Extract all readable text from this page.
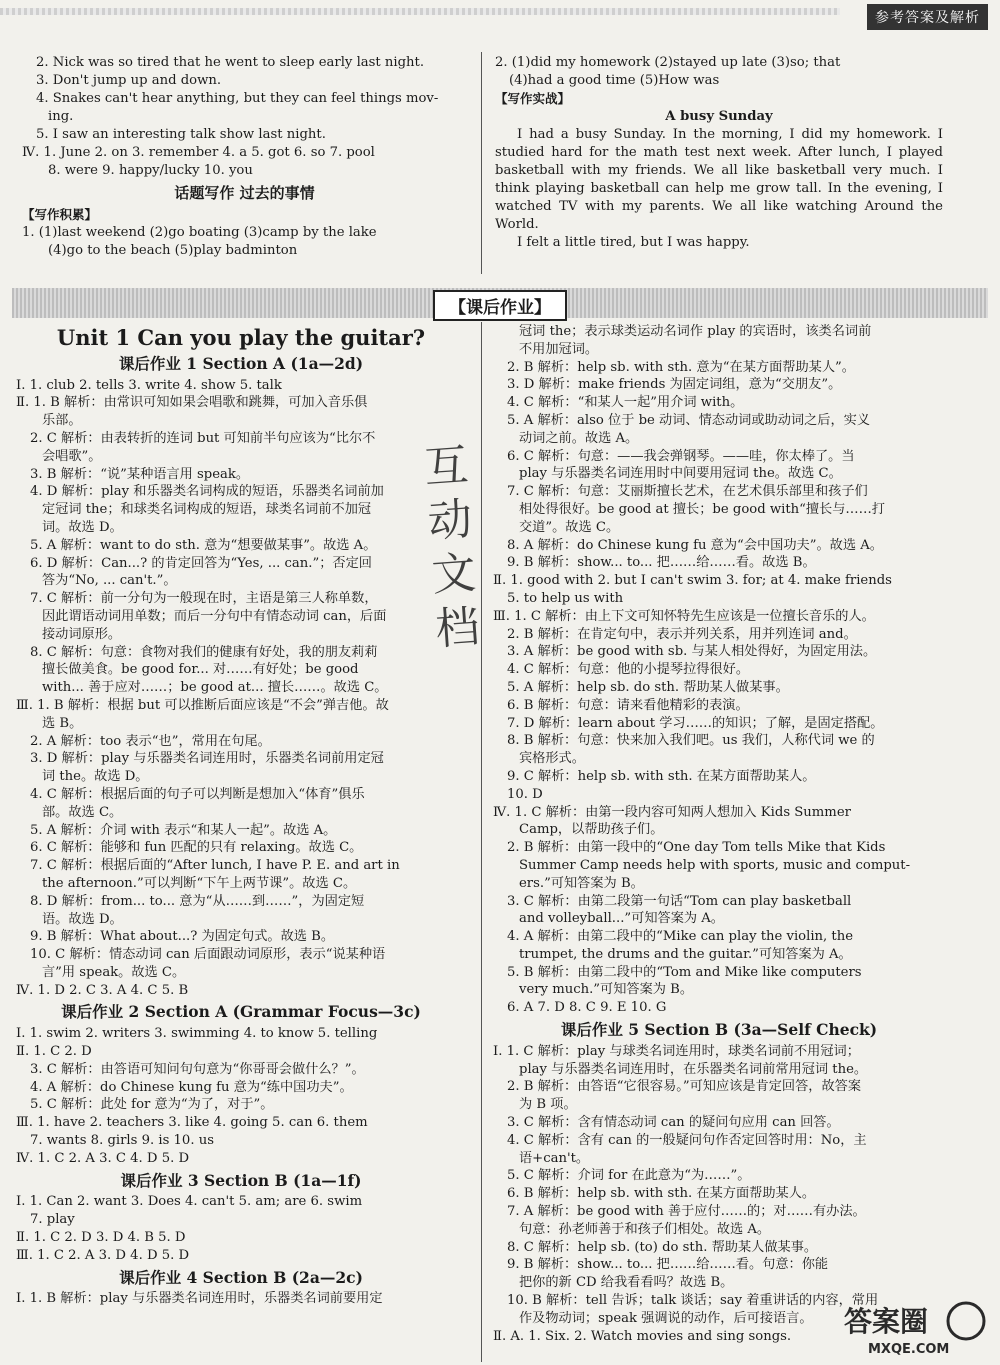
参考答案及解析
2. Nick was so tired that he went to sleep early last night.
3. Don't jump up and down.
4. Snakes can't hear anything, but they can feel things mov-
ing.
5. I saw an interesting talk show last night.
Ⅳ. 1. June 2. on 3. remember 4. a 5. got 6. so 7. pool
8. were 9. happy/lucky 10. you
话题写作 过去的事情
【写作积累】
1. (1)last weekend (2)go boating (3)camp by the lake
(4)go to the beach (5)play badminton
2. (1)did my homework (2)stayed up late (3)so; that
(4)had a good time (5)How was
【写作实战】
A busy Sunday
I had a busy Sunday. In the morning, I did my homework. I studied hard for the math test next week. After lunch, I played basketball with my friends. We all like basketball very much. I think playing basketball can help me grow tall. In the evening, I watched TV with my parents. We all like watching Around the World.
I felt a little tired, but I was happy.
【课后作业】
Unit 1 Can you play the guitar?
课后作业 1 Section A (1a—2d)
Ⅰ. 1. club 2. tells 3. write 4. show 5. talk
Ⅱ. 1. B 解析：由常识可知如果会唱歌和跳舞，可加入音乐俱
乐部。
2. C 解析：由表转折的连词 but 可知前半句应该为“比尔不
会唱歌”。
3. B 解析：“说”某种语言用 speak。
4. D 解析：play 和乐器类名词构成的短语，乐器类名词前加
定冠词 the；和球类名词构成的短语，球类名词前不加冠
词。故选 D。
5. A 解析：want to do sth. 意为“想要做某事”。故选 A。
6. D 解析：Can...? 的肯定回答为“Yes, ... can.”；否定回
答为“No, ... can't.”。
7. C 解析：前一分句为一般现在时，主语是第三人称单数，
因此谓语动词用单数；而后一分句中有情态动词 can，后面
接动词原形。
8. C 解析：句意：食物对我们的健康有好处，我的朋友莉莉
擅长做美食。be good for... 对……有好处；be good
with... 善于应对……；be good at... 擅长……。故选 C。
Ⅲ. 1. B 解析：根据 but 可以推断后面应该是“不会”弹吉他。故
选 B。
2. A 解析：too 表示“也”，常用在句尾。
3. D 解析：play 与乐器类名词连用时，乐器类名词前用定冠
词 the。故选 D。
4. C 解析：根据后面的句子可以判断是想加入“体育”俱乐
部。故选 C。
5. A 解析：介词 with 表示“和某人一起”。故选 A。
6. C 解析：能够和 fun 匹配的只有 relaxing。故选 C。
7. C 解析：根据后面的“After lunch, I have P. E. and art in
the afternoon.”可以判断“下午上两节课”。故选 C。
8. D 解析：from... to... 意为“从……到……”，为固定短
语。故选 D。
9. B 解析：What about...? 为固定句式。故选 B。
10. C 解析：情态动词 can 后面跟动词原形，表示“说某种语
言”用 speak。故选 C。
Ⅳ. 1. D 2. C 3. A 4. C 5. B
课后作业 2 Section A (Grammar Focus—3c)
Ⅰ. 1. swim 2. writers 3. swimming 4. to know 5. telling
Ⅱ. 1. C 2. D
3. C 解析：由答语可知问句句意为“你哥哥会做什么？”。
4. A 解析：do Chinese kung fu 意为“练中国功夫”。
5. C 解析：此处 for 意为“为了，对于”。
Ⅲ. 1. have 2. teachers 3. like 4. going 5. can 6. them
7. wants 8. girls 9. is 10. us
Ⅳ. 1. C 2. A 3. C 4. D 5. D
课后作业 3 Section B (1a—1f)
Ⅰ. 1. Can 2. want 3. Does 4. can't 5. am; are 6. swim
7. play
Ⅱ. 1. C 2. D 3. D 4. B 5. D
Ⅲ. 1. C 2. A 3. D 4. D 5. D
课后作业 4 Section B (2a—2c)
Ⅰ. 1. B 解析：play 与乐器类名词连用时，乐器类名词前要用定
冠词 the；表示球类运动名词作 play 的宾语时，该类名词前
不用加冠词。
2. B 解析：help sb. with sth. 意为“在某方面帮助某人”。
3. D 解析：make friends 为固定词组，意为“交朋友”。
4. C 解析：“和某人一起”用介词 with。
5. A 解析：also 位于 be 动词、情态动词或助动词之后，实义
动词之前。故选 A。
6. C 解析：句意：——我会弹钢琴。——哇，你太棒了。当
play 与乐器类名词连用时中间要用冠词 the。故选 C。
7. C 解析：句意：艾丽斯擅长艺术，在艺术俱乐部里和孩子们
相处得很好。be good at 擅长；be good with“擅长与……打
交道”。故选 C。
8. A 解析：do Chinese kung fu 意为“会中国功夫”。故选 A。
9. B 解析：show... to... 把……给……看。故选 B。
Ⅱ. 1. good with 2. but I can't swim 3. for; at 4. make friends
5. to help us with
Ⅲ. 1. C 解析：由上下文可知怀特先生应该是一位擅长音乐的人。
2. B 解析：在肯定句中，表示并列关系，用并列连词 and。
3. A 解析：be good with sb. 与某人相处得好，为固定用法。
4. C 解析：句意：他的小提琴拉得很好。
5. A 解析：help sb. do sth. 帮助某人做某事。
6. B 解析：句意：请来看他精彩的表演。
7. D 解析：learn about 学习……的知识；了解，是固定搭配。
8. B 解析：句意：快来加入我们吧。us 我们，人称代词 we 的
宾格形式。
9. C 解析：help sb. with sth. 在某方面帮助某人。
10. D
Ⅳ. 1. C 解析：由第一段内容可知两人想加入 Kids Summer
Camp，以帮助孩子们。
2. B 解析：由第一段中的“One day Tom tells Mike that Kids
Summer Camp needs help with sports, music and comput-
ers.”可知答案为 B。
3. C 解析：由第二段第一句话“Tom can play basketball
and volleyball...”可知答案为 A。
4. A 解析：由第二段中的“Mike can play the violin, the
trumpet, the drums and the guitar.”可知答案为 A。
5. B 解析：由第二段中的“Tom and Mike like computers
very much.”可知答案为 B。
6. A 7. D 8. C 9. E 10. G
课后作业 5 Section B (3a—Self Check)
Ⅰ. 1. C 解析：play 与球类名词连用时，球类名词前不用冠词；
play 与乐器类名词连用时，在乐器类名词前常用冠词 the。
2. B 解析：由答语“它很容易。”可知应该是肯定回答，故答案
为 B 项。
3. C 解析：含有情态动词 can 的疑问句应用 can 回答。
4. C 解析：含有 can 的一般疑问句作否定回答时用：No，主
语+can't。
5. C 解析：介词 for 在此意为“为……”。
6. B 解析：help sb. with sth. 在某方面帮助某人。
7. A 解析：be good with 善于应付……的；对……有办法。
句意：孙老师善于和孩子们相处。故选 A。
8. C 解析：help sb. (to) do sth. 帮助某人做某事。
9. B 解析：show... to... 把……给……看。句意：你能
把你的新 CD 给我看看吗？故选 B。
10. B 解析：tell 告诉；talk 谈话；say 着重讲话的内容，常用
作及物动词；speak 强调说的动作，后可接语言。
Ⅱ. A. 1. Six. 2. Watch movies and sing songs.
互
动
文
档
答案圈
MXQE.COM
